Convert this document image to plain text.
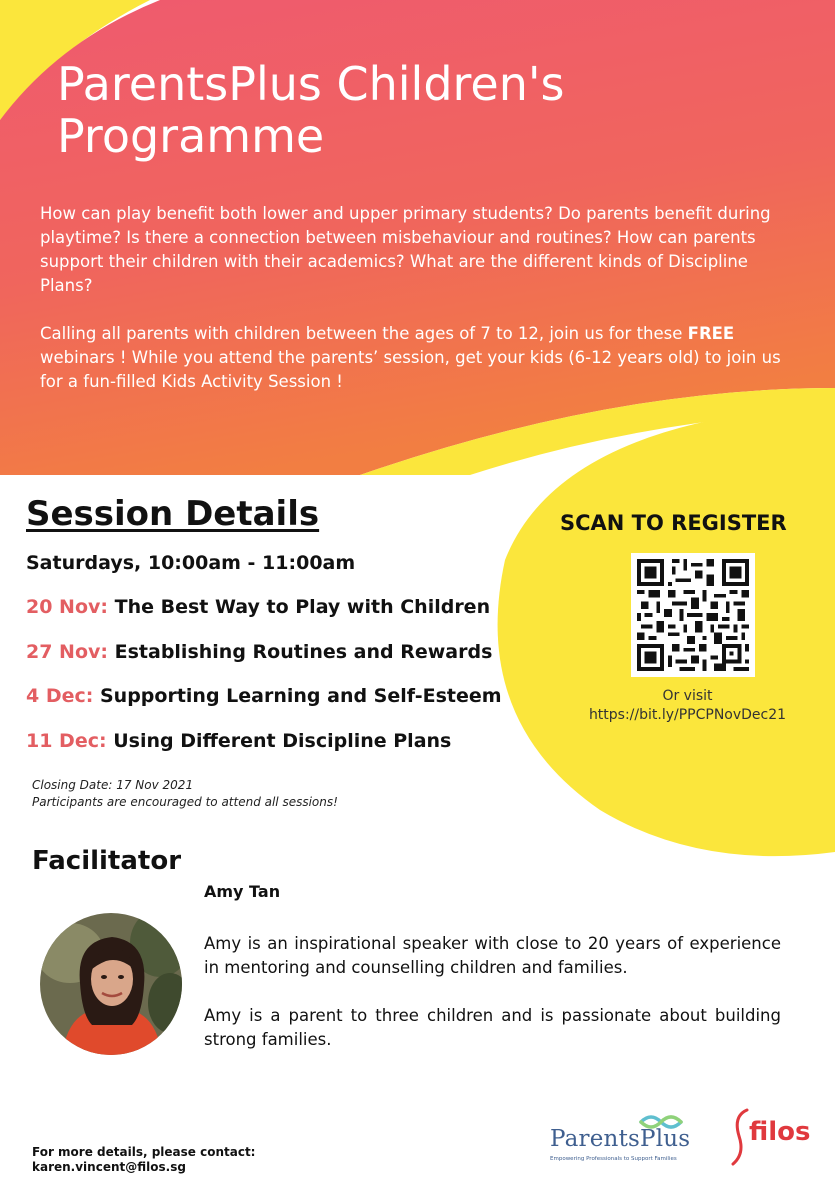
ParentsPlus Children's Programme

How can play benefit both lower and upper primary students? Do parents benefit during playtime? Is there a connection between misbehaviour and routines? How can parents support their children with their academics? What are the different kinds of Discipline Plans?

Calling all parents with children between the ages of 7 to 12, join us for these FREE webinars ! While you attend the parents’ session, get your kids (6-12 years old) to join us for a fun-filled Kids Activity Session !

Session Details
Saturdays, 10:00am - 11:00am
20 Nov: The Best Way to Play with Children
27 Nov: Establishing Routines and Rewards
4 Dec: Supporting Learning and Self-Esteem
11 Dec: Using Different Discipline Plans
Closing Date: 17 Nov 2021
Participants are encouraged to attend all sessions!
SCAN TO REGISTER
Or visit
https://bit.ly/PPCPNovDec21
Facilitator
Amy Tan

Amy is an inspirational speaker with close to 20 years of experience in mentoring and counselling children and families.

Amy is a parent to three children and is passionate about building strong families.

For more details, please contact:
karen.vincent@filos.sg
ParentsPlus
Empowering Professionals to Support Families
filos
